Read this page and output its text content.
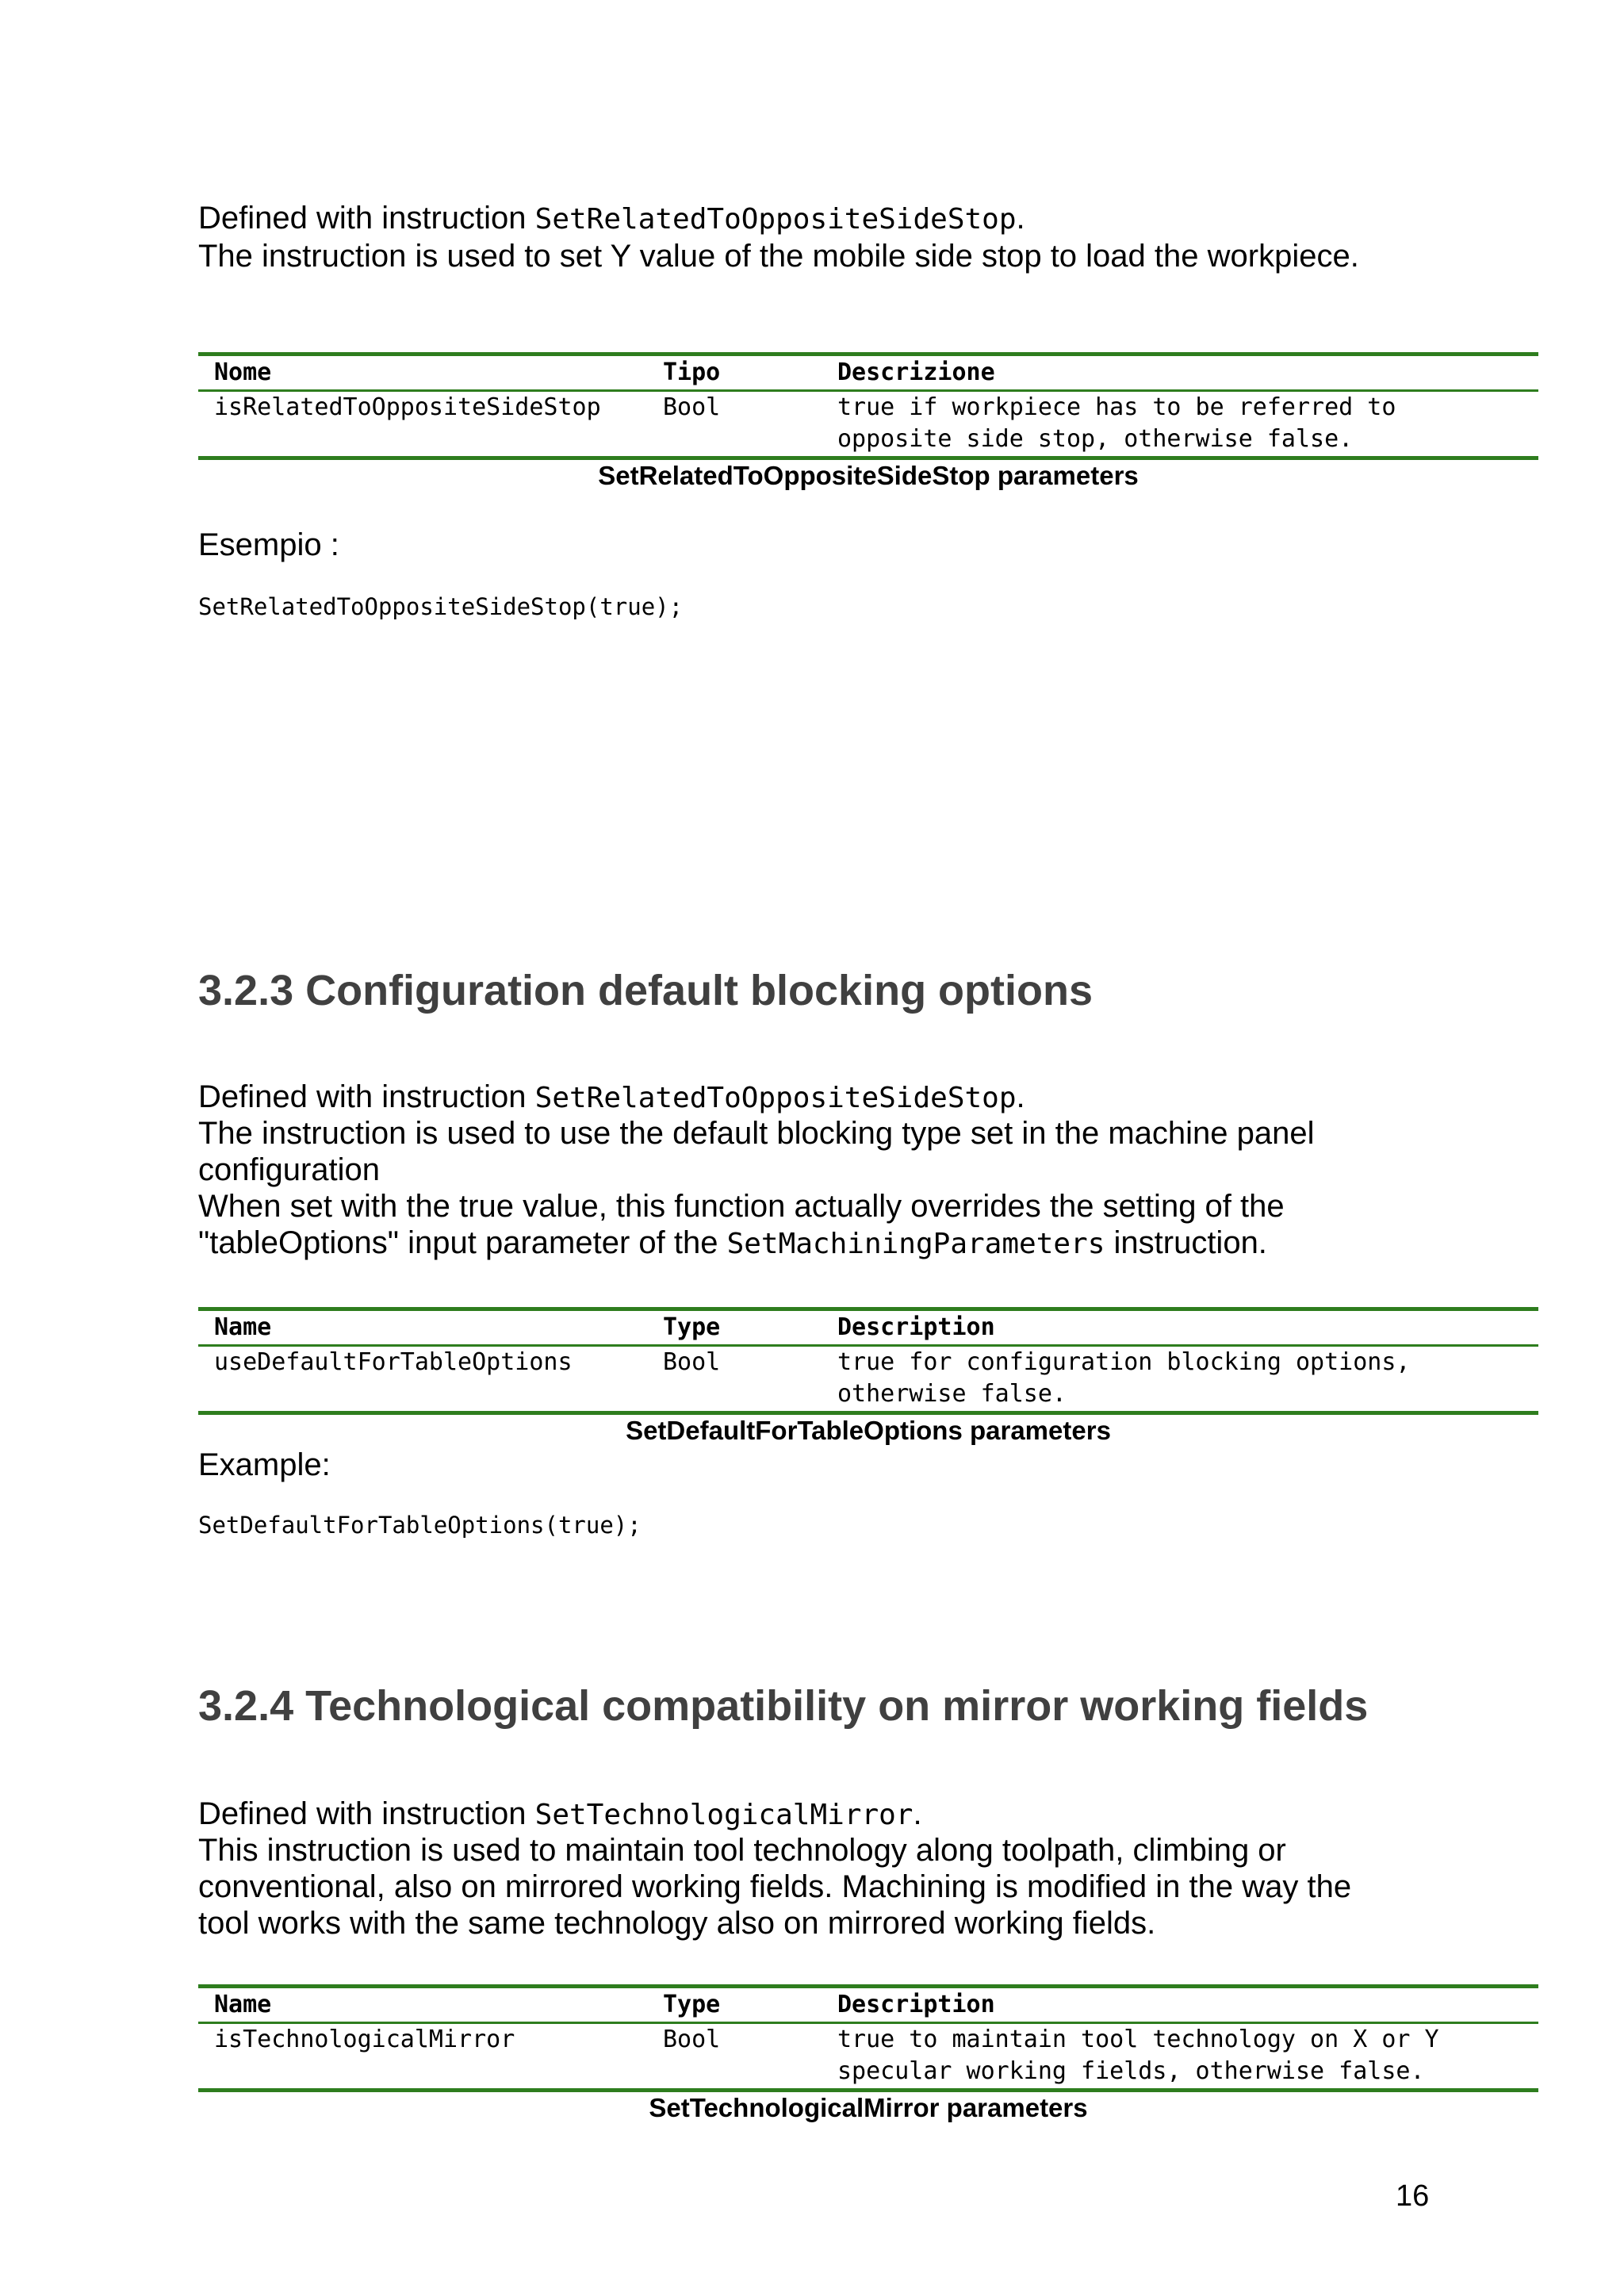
Defined with instruction SetRelatedToOppositeSideStop.
The instruction is used to set Y value of the mobile side stop to load the workpiece.
Nome	Tipo	Descrizione
isRelatedToOppositeSideStop	Bool	true if workpiece has to be referred to
opposite side stop, otherwise false.
SetRelatedToOppositeSideStop parameters
Esempio :
SetRelatedToOppositeSideStop(true);
3.2.3 Configuration default blocking options
Defined with instruction SetRelatedToOppositeSideStop.
The instruction is used to use the default blocking type set in the machine panel
configuration
When set with the true value, this function actually overrides the setting of the
"tableOptions" input parameter of the SetMachiningParameters instruction.
Name	Type	Description
useDefaultForTableOptions	Bool	true for configuration blocking options,
otherwise false.
SetDefaultForTableOptions parameters
Example:
SetDefaultForTableOptions(true);
3.2.4 Technological compatibility on mirror working fields
Defined with instruction SetTechnologicalMirror.
This instruction is used to maintain tool technology along toolpath, climbing or
conventional, also on mirrored working fields. Machining is modified in the way the
tool works with the same technology also on mirrored working fields.
Name	Type	Description
isTechnologicalMirror	Bool	true to maintain tool technology on X or Y
specular working fields, otherwise false.
SetTechnologicalMirror parameters
16
